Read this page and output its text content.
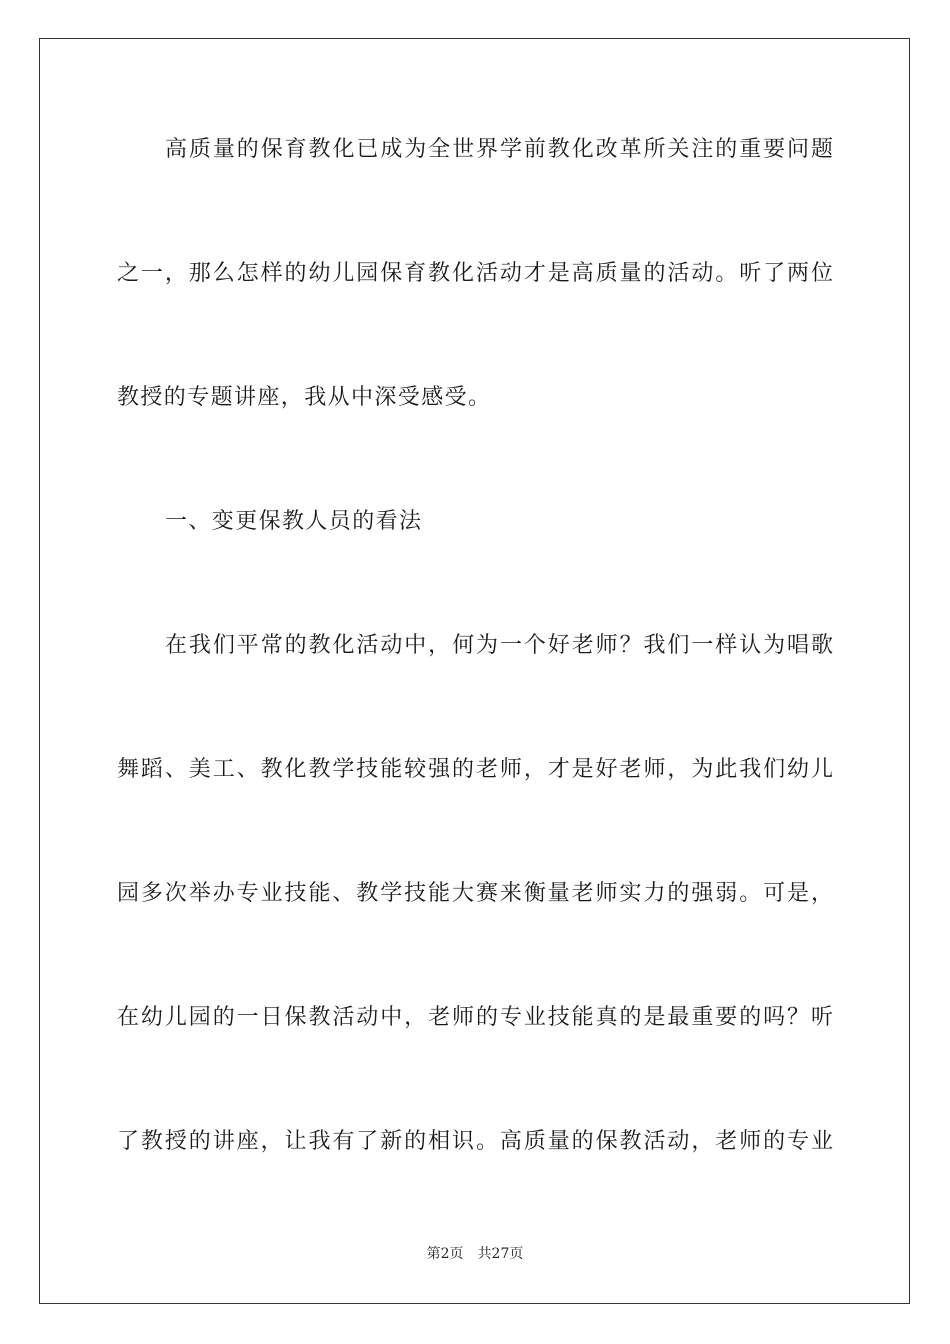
高质量的保育教化已成为全世界学前教化改革所关注的重要问题
之一，那么怎样的幼儿园保育教化活动才是高质量的活动。听了两位
教授的专题讲座，我从中深受感受。
一、变更保教人员的看法
在我们平常的教化活动中，何为一个好老师？我们一样认为唱歌
舞蹈、美工、教化教学技能较强的老师，才是好老师，为此我们幼儿
园多次举办专业技能、教学技能大赛来衡量老师实力的强弱。可是，
在幼儿园的一日保教活动中，老师的专业技能真的是最重要的吗？听
了教授的讲座，让我有了新的相识。高质量的保教活动，老师的专业
第2页 共27页
